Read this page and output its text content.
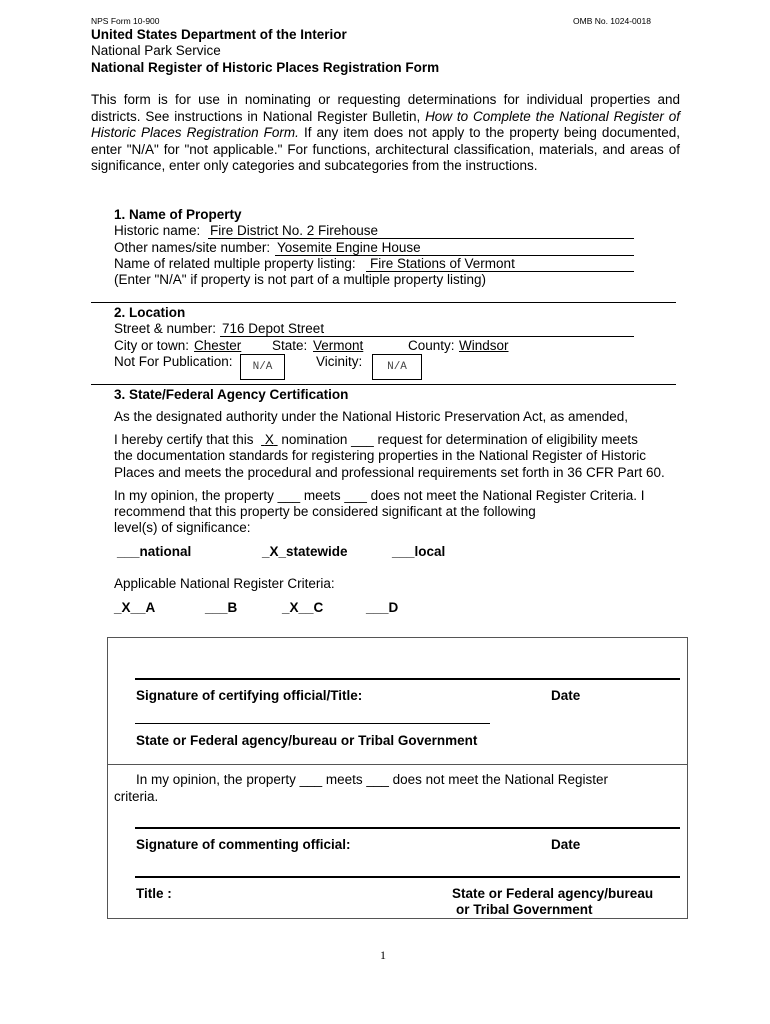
NPS Form 10-900	OMB No. 1024-0018
United States Department of the Interior
National Park Service
National Register of Historic Places Registration Form
This form is for use in nominating or requesting determinations for individual properties and districts. See instructions in National Register Bulletin, How to Complete the National Register of Historic Places Registration Form. If any item does not apply to the property being documented, enter "N/A" for "not applicable." For functions, architectural classification, materials, and areas of significance, enter only categories and subcategories from the instructions.
1. Name of Property
Historic name: Fire District No. 2 Firehouse
Other names/site number: Yosemite Engine House
Name of related multiple property listing: Fire Stations of Vermont
(Enter "N/A" if property is not part of a multiple property listing)
2. Location
Street & number: 716 Depot Street
City or town: Chester State: Vermont	County: Windsor
Not For Publication:	N/A	Vicinity:	N/A
3. State/Federal Agency Certification
As the designated authority under the National Historic Preservation Act, as amended,
I hereby certify that this X nomination ___ request for determination of eligibility meets
the documentation standards for registering properties in the National Register of Historic
Places and meets the procedural and professional requirements set forth in 36 CFR Part 60.
In my opinion, the property ___ meets ___ does not meet the National Register Criteria. I
recommend that this property be considered significant at the following
level(s) of significance:
___national	_X_statewide	___local
Applicable National Register Criteria:
_X__A	___B	_X__C	___D
Signature of certifying official/Title:	Date
State or Federal agency/bureau or Tribal Government
In my opinion, the property ___ meets ___ does not meet the National Register
criteria.
Signature of commenting official:	Date
Title :	State or Federal agency/bureau
or Tribal Government
1
